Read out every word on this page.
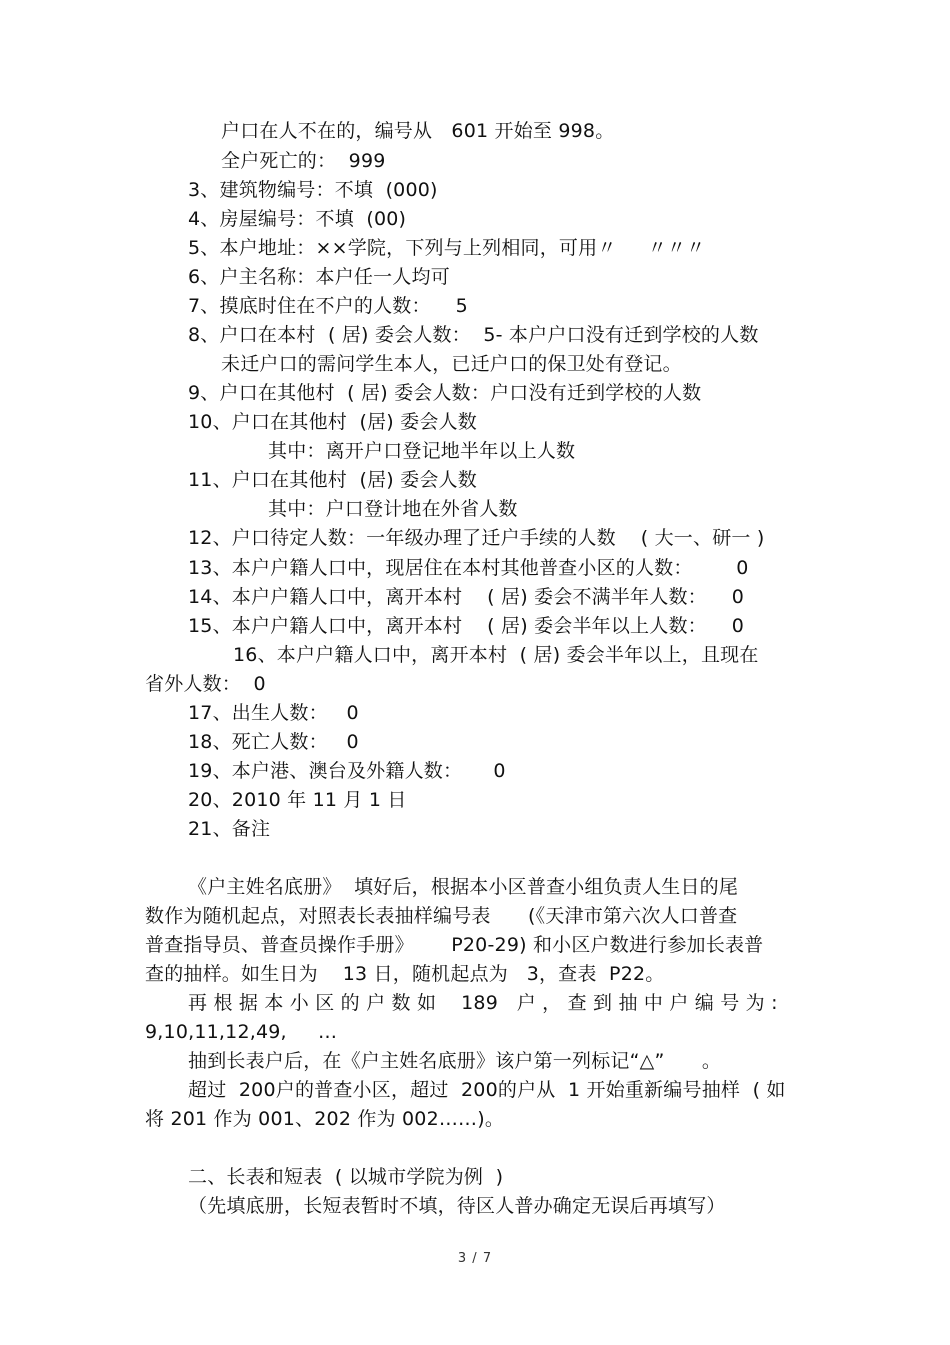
户口在人不在的，编号从　601 开始至 998。
全户死亡的：  999
3、建筑物编号：不填  (000)
4、房屋编号：不填  (00)
5、本户地址：××学院，下列与上列相同，可用〃     〃〃〃
6、户主名称：本户任一人均可
7、摸底时住在不户的人数：    5
8、户口在本村  ( 居) 委会人数：  5- 本户户口没有迁到学校的人数
未迁户口的需问学生本人，已迁户口的保卫处有登记。
9、户口在其他村  ( 居) 委会人数：户口没有迁到学校的人数
10、户口在其他村  (居) 委会人数
其中：离开户口登记地半年以上人数
11、户口在其他村  (居) 委会人数
其中：户口登计地在外省人数
12、户口待定人数：一年级办理了迁户手续的人数    ( 大一、研一 )
13、本户户籍人口中，现居住在本村其他普查小区的人数：       0
14、本户户籍人口中，离开本村    ( 居) 委会不满半年人数：    0
15、本户户籍人口中，离开本村    ( 居) 委会半年以上人数：    0
16、本户户籍人口中，离开本村  ( 居) 委会半年以上，且现在
省外人数：  0
17、出生人数：   0
18、死亡人数：   0
19、本户港、澳台及外籍人数：     0
20、2010 年 11 月 1 日
21、备注
《户主姓名底册》  填好后，根据本小区普查小组负责人生日的尾
数作为随机起点，对照表长表抽样编号表      (《天津市第六次人口普查
普查指导员、普查员操作手册》      P20-29) 和小区户数进行参加长表普
查的抽样。如生日为    13 日，随机起点为   3，查表  P22。
再 根 据 本 小 区 的 户 数 如    189   户 ， 查 到 抽 中 户 编 号 为 :
9,10,11,12,49,     …
抽到长表户后，在《户主姓名底册》该户第一列标记“△”      。
超过  200户的普查小区，超过  200的户从  1 开始重新编号抽样  ( 如
将 201 作为 001、202 作为 002……)。
二、长表和短表  ( 以城市学院为例  )
（先填底册，长短表暂时不填，待区人普办确定无误后再填写）
3 / 7
